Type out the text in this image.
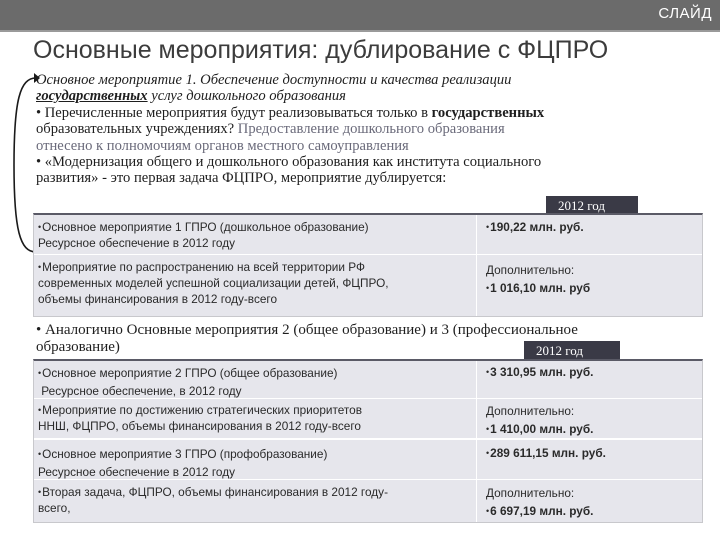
СЛАЙД
Основные мероприятия: дублирование с ФЦПРО
Основное мероприятие 1. Обеспечение доступности и качества реализации
государственных услуг дошкольного образования
• Перечисленные мероприятия будут реализовываться только в государственных
образовательных учреждениях? Предоставление дошкольного образования
отнесено к полномочиям органов местного самоуправления
• «Модернизация общего и дошкольного образования как института социального
развития» - это первая задача ФЦПРО, мероприятие дублируется:
2012 год
•Основное мероприятие 1 ГПРО (дошкольное образование)
Ресурсное обеспечение в 2012 году
•190,22 млн. руб.
•Мероприятие по распространению на всей территории РФ
современных моделей успешной социализации детей, ФЦПРО,
объемы финансирования в 2012 году-всего
Дополнительно:
•1 016,10 млн. руб
• Аналогично Основные мероприятия 2 (общее образование) и 3 (профессиональное
образование)	2012 год
•Основное мероприятие 2 ГПРО (общее образование)
Ресурсное обеспечение, в 2012 году
•3 310,95 млн. руб.
•Мероприятие по достижению стратегических приоритетов
ННШ, ФЦПРО, объемы финансирования в 2012 году-всего
Дополнительно:
•1 410,00 млн. руб.
•Основное мероприятие 3 ГПРО (профобразование)
Ресурсное обеспечение в 2012 году
•289 611,15 млн. руб.
•Вторая задача, ФЦПРО, объемы финансирования в 2012 году-
всего,
Дополнительно:
•6 697,19 млн. руб.
